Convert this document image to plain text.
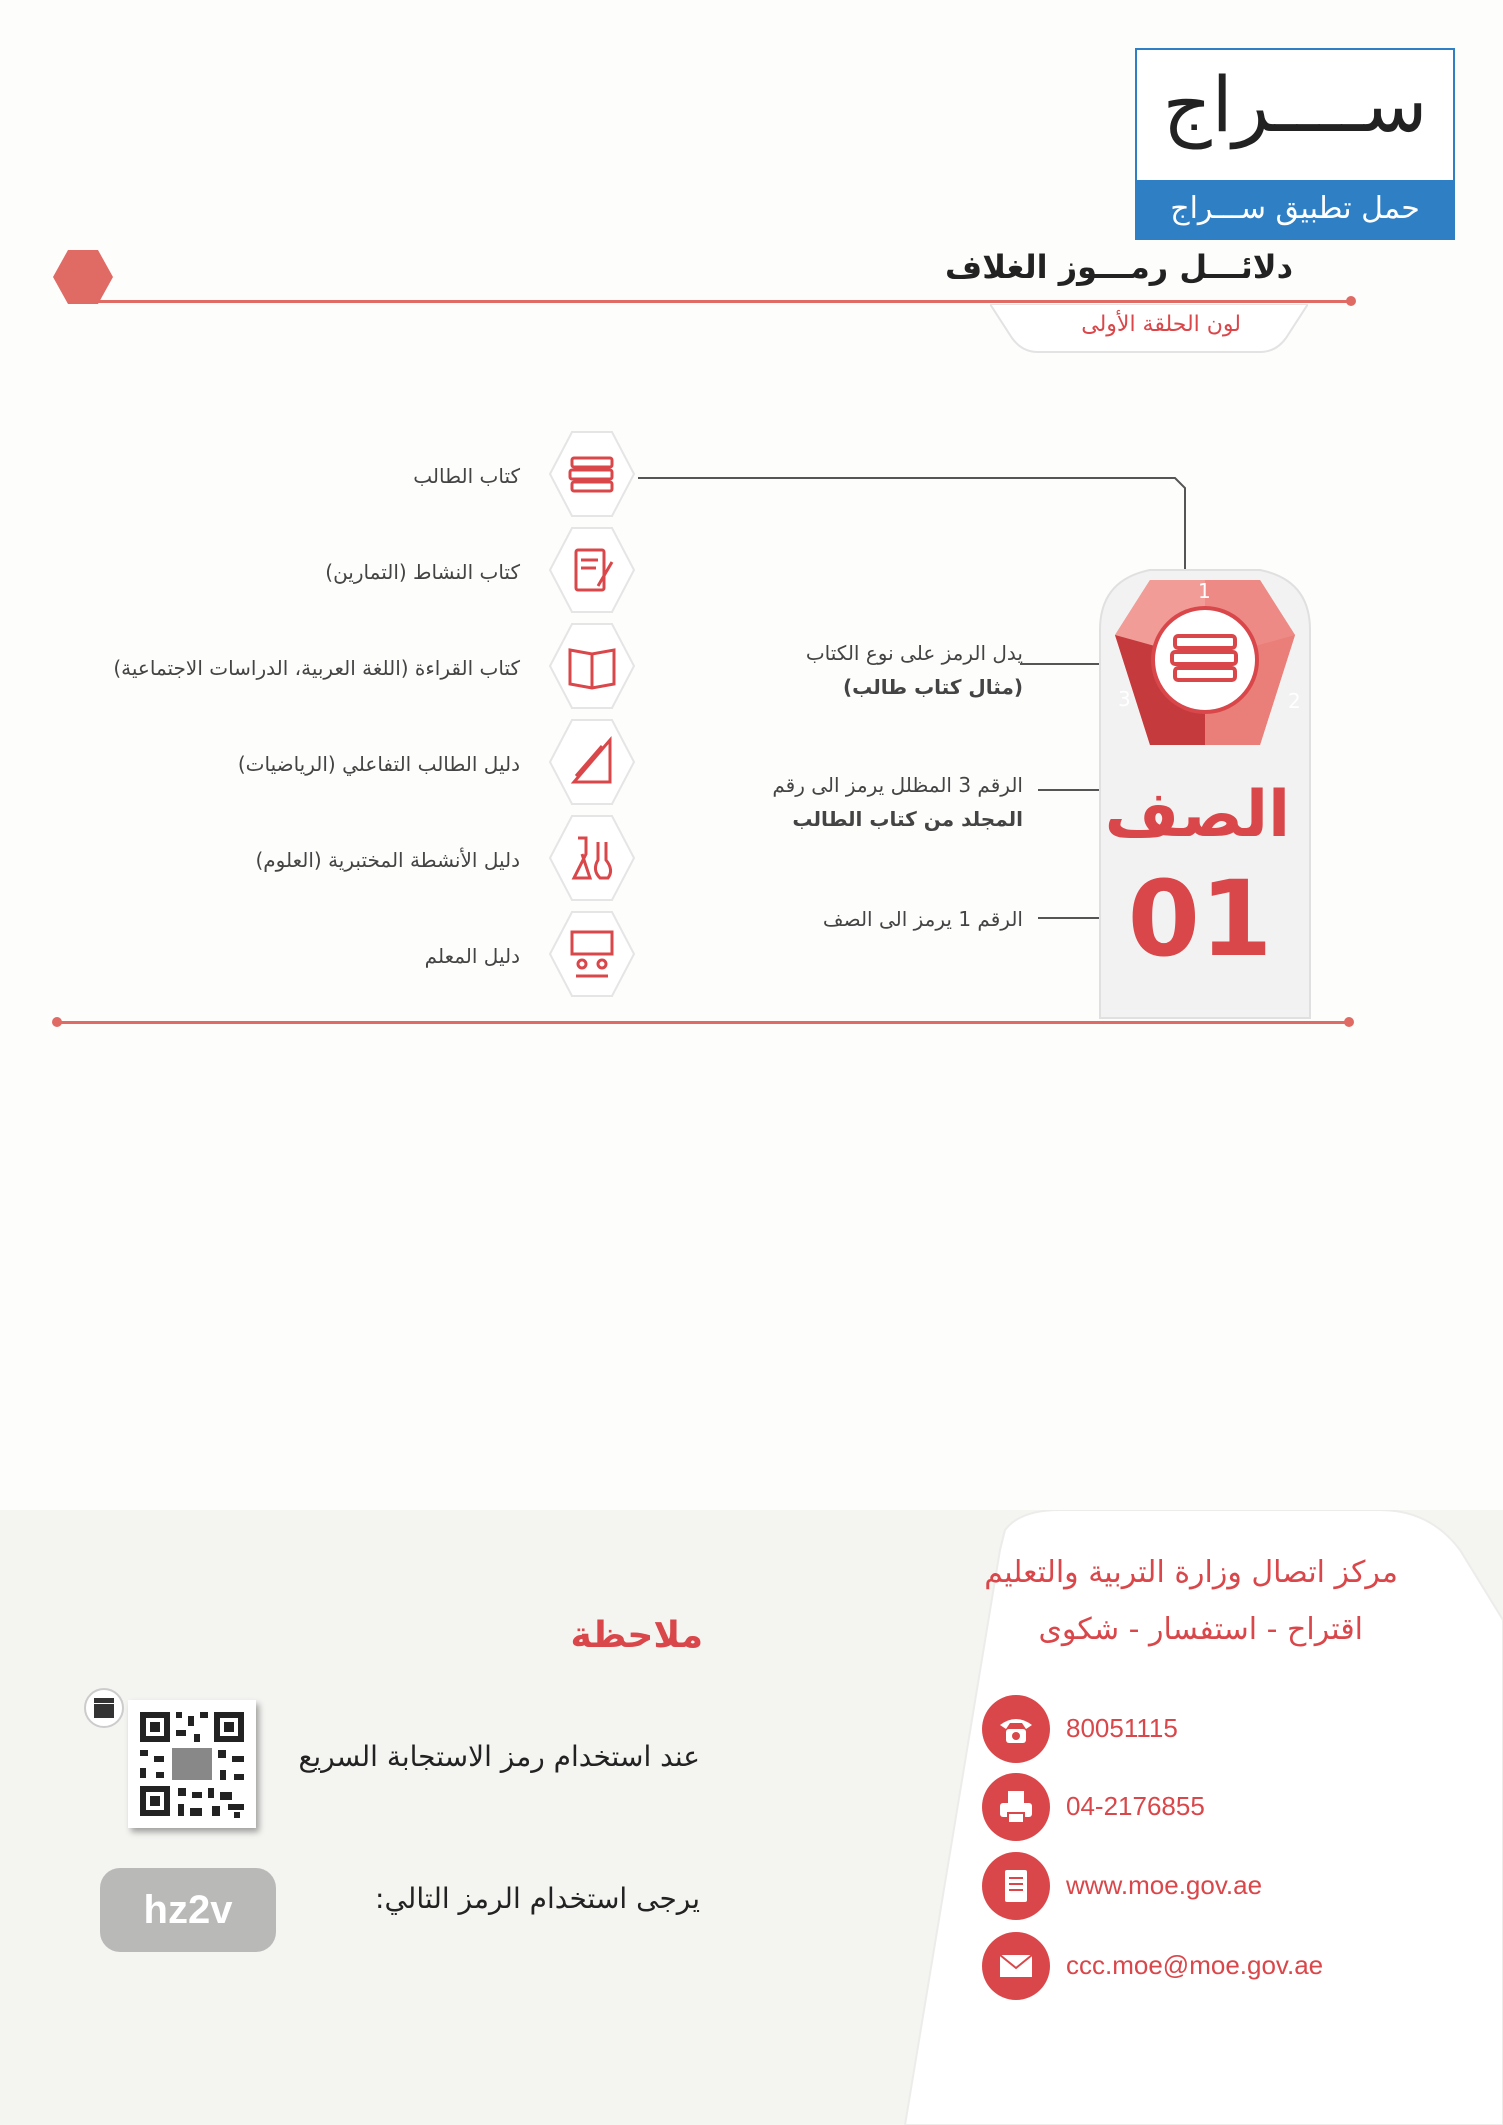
ســــراج
حمل تطبيق ســـراج
دلائـــل رمـــوز الغلاف
لون الحلقة الأولى
كتاب الطالب
كتاب النشاط (التمارين)
كتاب القراءة (اللغة العربية، الدراسات الاجتماعية)
دليل الطالب التفاعلي (الرياضيات)
دليل الأنشطة المختبرية (العلوم)
دليل المعلم
يدل الرمز على نوع الكتاب
(مثال كتاب طالب)
الرقم 3 المظلل يرمز الى رقم
المجلد من كتاب الطالب
الرقم 1 يرمز الى الصف
1
2
3
الصف
01
مركز اتصال وزارة التربية والتعليم
اقتراح - استفسار - شكوى
80051115
04-2176855
www.moe.gov.ae
ccc.moe@moe.gov.ae
ملاحظة
عند استخدام رمز الاستجابة السريع
يرجى استخدام الرمز التالي:
hz2v
